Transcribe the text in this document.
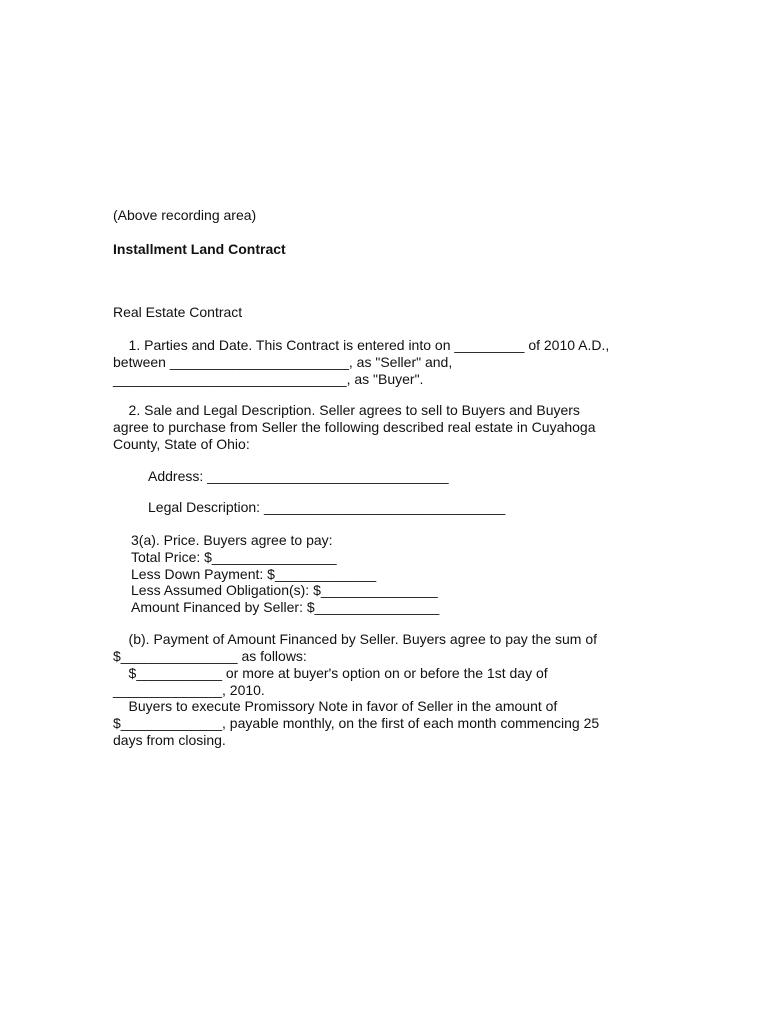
(Above recording area)
Installment Land Contract
Real Estate Contract
1. Parties and Date. This Contract is entered into on _________ of 2010 A.D.,
between _______________________, as "Seller" and,
______________________________, as "Buyer".
2. Sale and Legal Description. Seller agrees to sell to Buyers and Buyers
agree to purchase from Seller the following described real estate in Cuyahoga
County, State of Ohio:
Address: _______________________________
Legal Description: _______________________________
3(a). Price. Buyers agree to pay:
Total Price: $________________
Less Down Payment: $_____________
Less Assumed Obligation(s): $_______________
Amount Financed by Seller: $________________
(b). Payment of Amount Financed by Seller. Buyers agree to pay the sum of
$_______________ as follows:
$___________ or more at buyer's option on or before the 1st day of
______________, 2010.
Buyers to execute Promissory Note in favor of Seller in the amount of
$_____________, payable monthly, on the first of each month commencing 25
days from closing.
